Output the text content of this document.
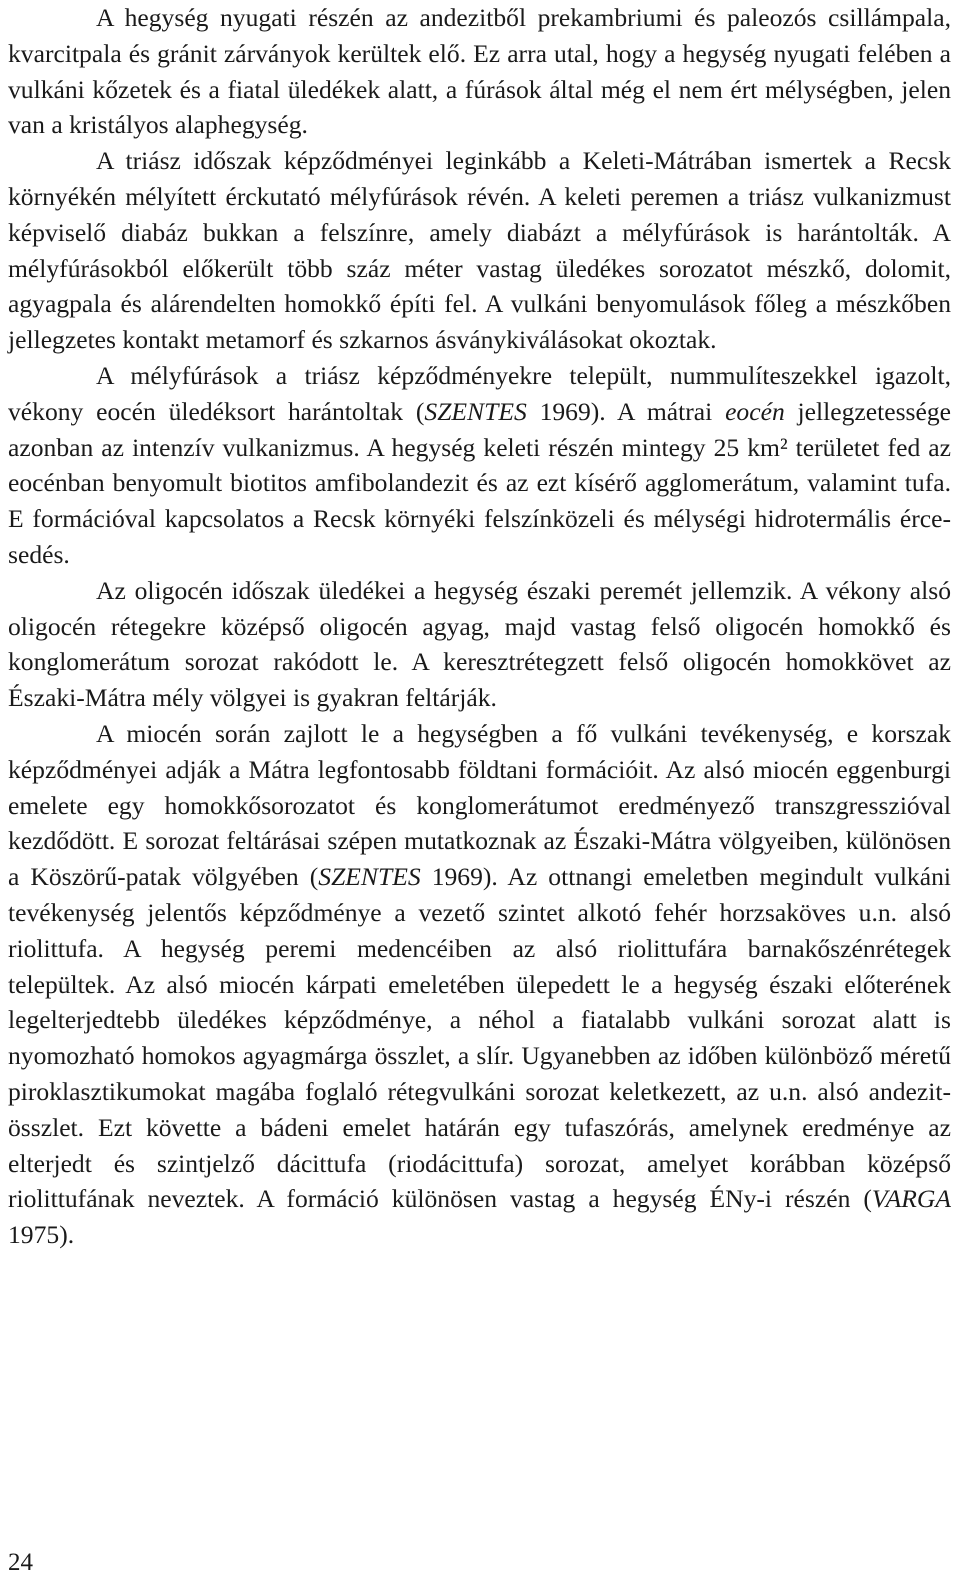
A hegység nyugati részén az andezitből prekambriumi és paleozós csillámpala, kvarcitpala és gránit zárványok kerültek elő. Ez arra utal, hogy a hegység nyugati felében a vulkáni kőzetek és a fiatal üledékek alatt, a fúrások által még el nem ért mélységben, jelen van a kristályos alaphegység.

A triász időszak képződményei leginkább a Keleti-Mátrában ismertek a Recsk környékén mélyített érckutató mélyfúrások révén. A keleti peremen a triász vulkanizmust képviselő diabáz bukkan a felszínre, amely diabázt a mélyfúrások is harántolták. A mélyfúrásokból előkerült több száz méter vastag üledékes sorozatot mészkő, dolomit, agyagpala és alárendelten homokkő építi fel. A vulkáni benyomulások főleg a mészkőben jellegzetes kontakt metamorf és szkarnos ásványkiválásokat okoztak.

A mélyfúrások a triász képződményekre települt, nummulíteszekkel igazolt, vékony eocén üledéksort harántoltak (SZENTES 1969). A mátrai eocén jellegzetessége azonban az intenzív vulkanizmus. A hegység keleti részén mintegy 25 km² területet fed az eocénban benyomult biotitos amfibolandezit és az ezt kísérő agglomerátum, valamint tufa. E formációval kapcsolatos a Recsk környéki felszínközeli és mélységi hidrotermális ércesedés.

Az oligocén időszak üledékei a hegység északi peremét jellemzik. A vékony alsó oligocén rétegekre középső oligocén agyag, majd vastag felső oligocén homokkő és konglomerátum sorozat rakódott le. A keresztrétegzett felső oligocén homokkövet az Északi-Mátra mély völgyei is gyakran feltárják.

A miocén során zajlott le a hegységben a fő vulkáni tevékenység, e korszak képződményei adják a Mátra legfontosabb földtani formációit. Az alsó miocén eggenburgi emelete egy homokkősorozatot és konglomerátumot eredményező transzgresszióval kezdődött. E sorozat feltárásai szépen mutatkoznak az Északi-Mátra völgyeiben, különösen a Köszörű-patak völgyében (SZENTES 1969). Az ottnangi emeletben megindult vulkáni tevékenység jelentős képződménye a vezető szintet alkotó fehér horzsaköves u.n. alsó riolittufa. A hegység peremi medencéiben az alsó riolittufára barnakőszénrétegek települtek. Az alsó miocén kárpati emeletében ülepedett le a hegység északi előterének legelterjedtebb üledékes képződménye, a néhol a fiatalabb vulkáni sorozat alatt is nyomozható homokos agyagmárga összlet, a slír. Ugyanebben az időben különböző méretű piroklasztikumokat magába foglaló rétegvulkáni sorozat keletkezett, az u.n. alsó andezit-összlet. Ezt követte a bádeni emelet határán egy tufaszórás, amelynek eredménye az elterjedt és szintjelző dácittufa (riodácittufa) sorozat, amelyet korábban középső riolittufának neveztek. A formáció különösen vastag a hegység ÉNy-i részén (VARGA 1975).

24
